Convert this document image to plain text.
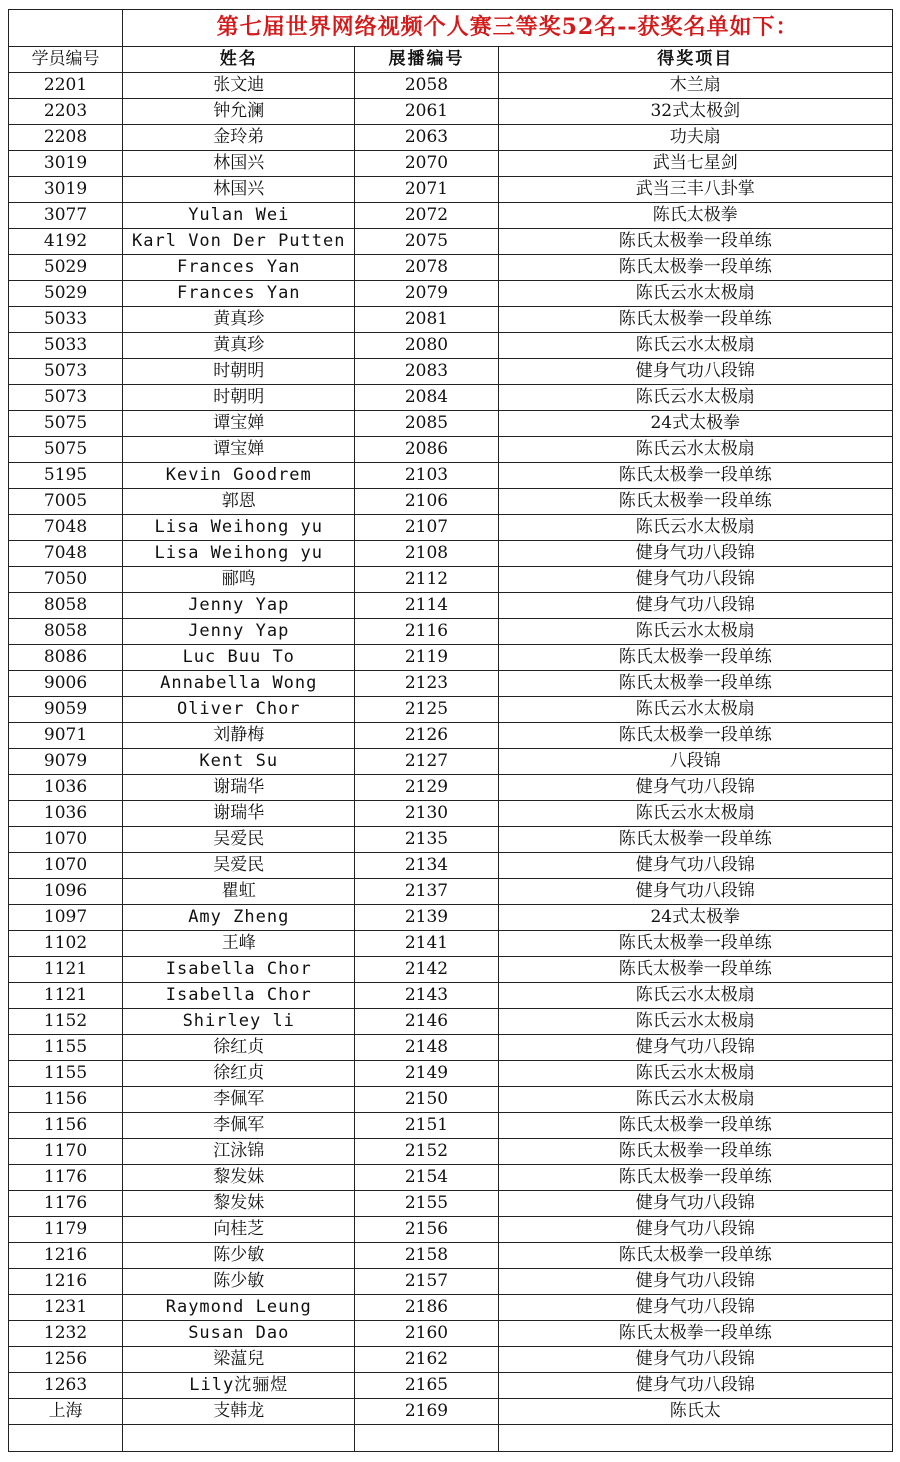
	第七届世界网络视频个人赛三等奖52名--获奖名单如下：		
学员编号	姓名	展播编号	得奖项目
2201	张文迪	2058	木兰扇
2203	钟允澜	2061	32式太极剑
2208	金玲弟	2063	功夫扇
3019	林国兴	2070	武当七星剑
3019	林国兴	2071	武当三丰八卦掌
3077	Yulan Wei	2072	陈氏太极拳
4192	Karl Von Der Putten	2075	陈氏太极拳一段单练
5029	Frances Yan	2078	陈氏太极拳一段单练
5029	Frances Yan	2079	陈氏云水太极扇
5033	黄真珍	2081	陈氏太极拳一段单练
5033	黄真珍	2080	陈氏云水太极扇
5073	时朝明	2083	健身气功八段锦
5073	时朝明	2084	陈氏云水太极扇
5075	谭宝婵	2085	24式太极拳
5075	谭宝婵	2086	陈氏云水太极扇
5195	Kevin Goodrem	2103	陈氏太极拳一段单练
7005	郭恩	2106	陈氏太极拳一段单练
7048	Lisa Weihong yu	2107	陈氏云水太极扇
7048	Lisa Weihong yu	2108	健身气功八段锦
7050	郦鸣	2112	健身气功八段锦
8058	Jenny Yap	2114	健身气功八段锦
8058	Jenny Yap	2116	陈氏云水太极扇
8086	Luc Buu To	2119	陈氏太极拳一段单练
9006	Annabella Wong	2123	陈氏太极拳一段单练
9059	Oliver Chor	2125	陈氏云水太极扇
9071	刘静梅	2126	陈氏太极拳一段单练
9079	Kent Su	2127	八段锦
1036	谢瑞华	2129	健身气功八段锦
1036	谢瑞华	2130	陈氏云水太极扇
1070	吴爱民	2135	陈氏太极拳一段单练
1070	吴爱民	2134	健身气功八段锦
1096	瞿虹	2137	健身气功八段锦
1097	Amy Zheng	2139	24式太极拳
1102	王峰	2141	陈氏太极拳一段单练
1121	Isabella Chor	2142	陈氏太极拳一段单练
1121	Isabella Chor	2143	陈氏云水太极扇
1152	Shirley li	2146	陈氏云水太极扇
1155	徐红贞	2148	健身气功八段锦
1155	徐红贞	2149	陈氏云水太极扇
1156	李佩军	2150	陈氏云水太极扇
1156	李佩军	2151	陈氏太极拳一段单练
1170	江泳锦	2152	陈氏太极拳一段单练
1176	黎发妹	2154	陈氏太极拳一段单练
1176	黎发妹	2155	健身气功八段锦
1179	向桂芝	2156	健身气功八段锦
1216	陈少敏	2158	陈氏太极拳一段单练
1216	陈少敏	2157	健身气功八段锦
1231	Raymond Leung	2186	健身气功八段锦
1232	Susan Dao	2160	陈氏太极拳一段单练
1256	梁蕰兒	2162	健身气功八段锦
1263	Lily沈骊煜	2165	健身气功八段锦
上海	支韩龙	2169	陈氏太
